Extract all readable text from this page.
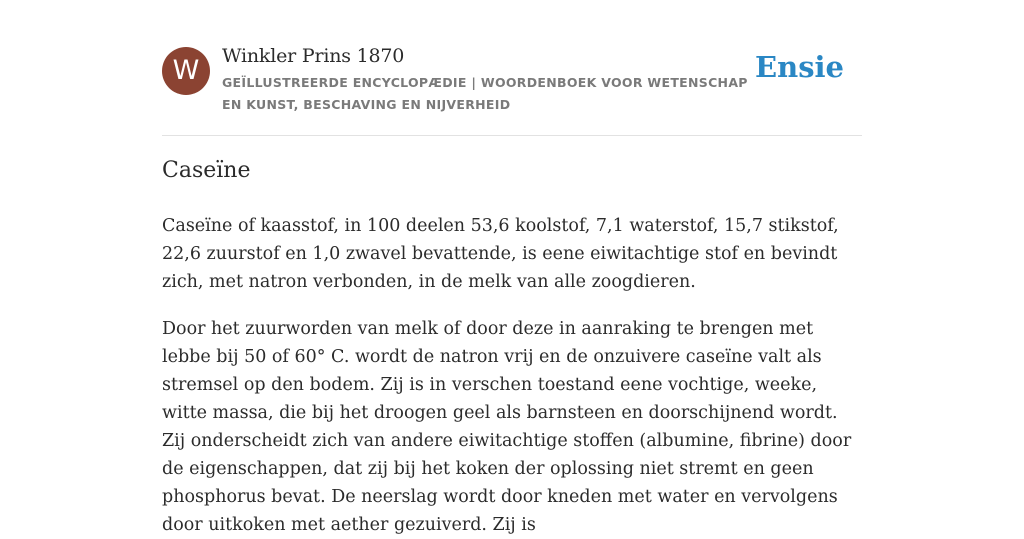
W	Winkler Prins 1870
GEÏLLUSTREERDE ENCYCLOPÆDIE | WOORDENBOEK VOOR WETENSCHAP EN KUNST, BESCHAVING EN NIJVERHEID
Ensie
Caseïne

Caseïne of kaasstof, in 100 deelen 53,6 koolstof, 7,1 waterstof, 15,7 stikstof, 22,6 zuurstof en 1,0 zwavel bevattende, is eene eiwitachtige stof en bevindt zich, met natron verbonden, in de melk van alle zoogdieren.

Door het zuurworden van melk of door deze in aanraking te brengen met lebbe bij 50 of 60° C. wordt de natron vrij en de onzuivere caseïne valt als stremsel op den bodem. Zij is in verschen toestand eene vochtige, weeke, witte massa, die bij het droogen geel als barnsteen en doorschijnend wordt. Zij onderscheidt zich van andere eiwitachtige stoffen (albumine, fibrine) door de eigenschappen, dat zij bij het koken der oplossing niet stremt en geen phosphorus bevat. De neerslag wordt door kneden met water en vervolgens door uitkoken met aether gezuiverd. Zij is
